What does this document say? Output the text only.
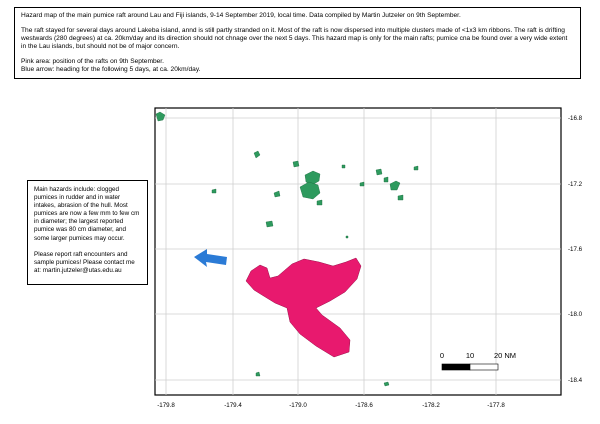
Hazard map of the main pumice raft around Lau and Fiji islands, 9-14 September 2019, local time. Data compiled by Martin Jutzeler on 9th September.

The raft stayed for several days around Lakeba island, annd is still partly stranded on it. Most of the raft is now dispersed into multiple clusters made of <1x3 km ribbons. The raft is drifting westwards (280 degrees) at ca. 20km/day and its direction should not chnage over the next 5 days. This hazard map is only for the main rafts; pumice cna be found over a very wide extent in the Lau islands, but should not be of major concern.

Pink area: position of the rafts on 9th September.
Blue arrow: heading for the following 5 days, at ca. 20km/day.

Main hazards include: clogged pumices in rudder and in water intakes, abrasion of the hull. Most pumices are now a few mm to few cm in diameter; the largest reported pumice was 80 cm diameter, and some larger pumices may occur.

Please report raft encounters and sample pumices! Please contact me at: martin.jutzeler@utas.edu.au
0	10	20 NM
-179.8	-179.4	-179.0	-178.6	-178.2	-177.8
-16.8
-17.2
-17.6
-18.0
-18.4
